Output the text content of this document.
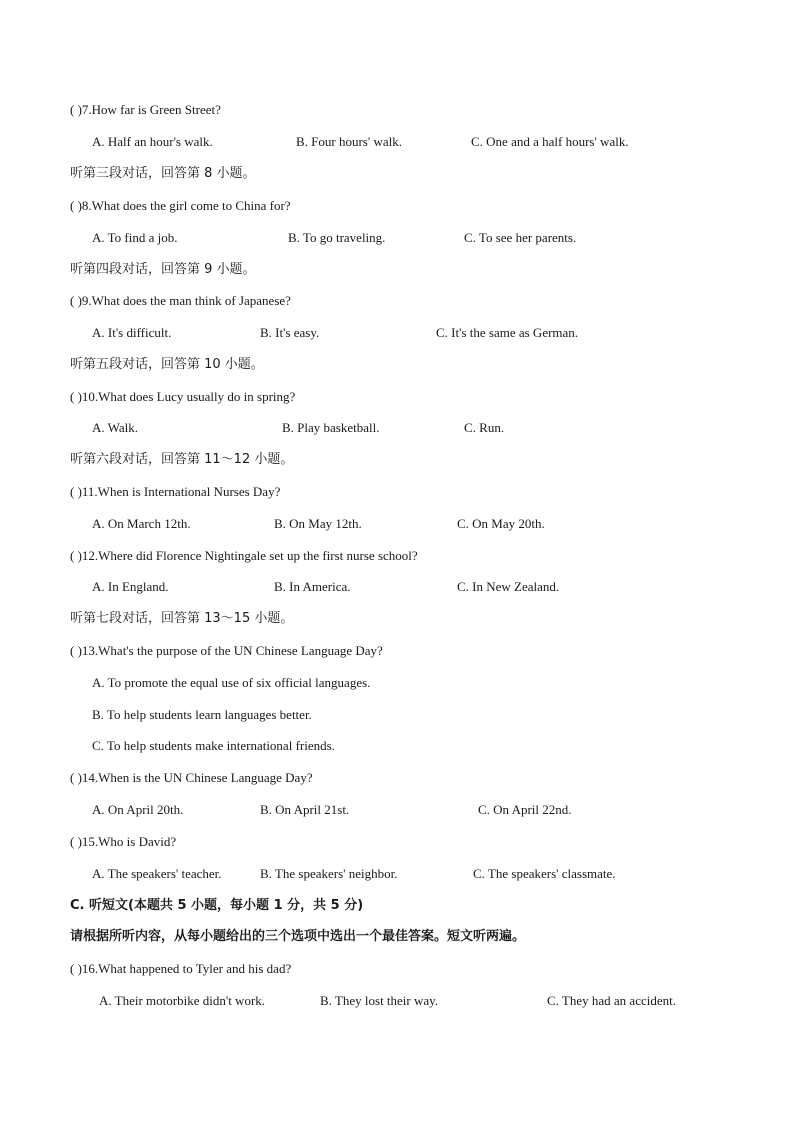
( )7.How far is Green Street?
A. Half an hour's walk.	B. Four hours' walk.	C. One and a half hours' walk.
听第三段对话，回答第 8 小题。
( )8.What does the girl come to China for?
A. To find a job.	B. To go traveling.	C. To see her parents.
听第四段对话，回答第 9 小题。
( )9.What does the man think of Japanese?
A. It's difficult.	B. It's easy.	C. It's the same as German.
听第五段对话，回答第 10 小题。
( )10.What does Lucy usually do in spring?
A. Walk.	B. Play basketball.	C. Run.
听第六段对话，回答第 11～12 小题。
( )11.When is International Nurses Day?
A. On March 12th.	B. On May 12th.	C. On May 20th.
( )12.Where did Florence Nightingale set up the first nurse school?
A. In England.	B. In America.	C. In New Zealand.
听第七段对话，回答第 13～15 小题。
( )13.What's the purpose of the UN Chinese Language Day?
A. To promote the equal use of six official languages.
B. To help students learn languages better.
C. To help students make international friends.
( )14.When is the UN Chinese Language Day?
A. On April 20th.	B. On April 21st.	C. On April 22nd.
( )15.Who is David?
A. The speakers' teacher.	B. The speakers' neighbor.	C. The speakers' classmate.
C. 听短文(本题共 5 小题，每小题 1 分，共 5 分)
请根据所听内容，从每小题给出的三个选项中选出一个最佳答案。短文听两遍。
( )16.What happened to Tyler and his dad?
A. Their motorbike didn't work.	B. They lost their way.	C. They had an accident.
